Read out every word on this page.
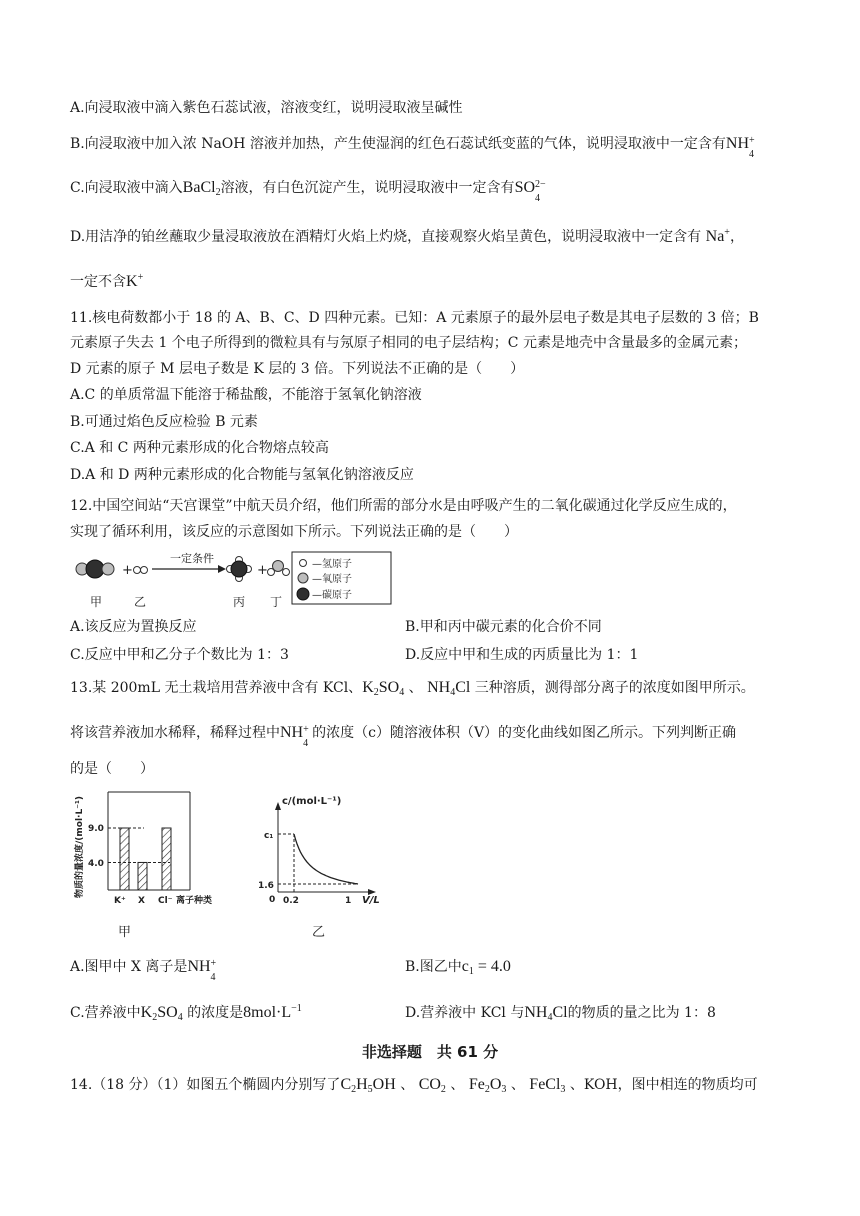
A.向浸取液中滴入紫色石蕊试液，溶液变红，说明浸取液呈碱性
B.向浸取液中加入浓 NaOH 溶液并加热，产生使湿润的红色石蕊试纸变蓝的气体，说明浸取液中一定含有NH +
4
C.向浸取液中滴入BaCl$_2$溶液，有白色沉淀产生，说明浸取液中一定含有SO 2−
4
D.用洁净的铂丝蘸取少量浸取液放在酒精灯火焰上灼烧，直接观察火焰呈黄色，说明浸取液中一定含有 Na+，
一定不含K+
11.核电荷数都小于 18 的 A、B、C、D 四种元素。已知：A 元素原子的最外层电子数是其电子层数的 3 倍；B
元素原子失去 1 个电子所得到的微粒具有与氖原子相同的电子层结构；C 元素是地壳中含量最多的金属元素；
D 元素的原子 M 层电子数是 K 层的 3 倍。下列说法不正确的是（　　）
A.C 的单质常温下能溶于稀盐酸，不能溶于氢氧化钠溶液
B.可通过焰色反应检验 B 元素
C.A 和 C 两种元素形成的化合物熔点较高
D.A 和 D 两种元素形成的化合物能与氢氧化钠溶液反应
12.中国空间站“天宫课堂”中航天员介绍，他们所需的部分水是由呼吸产生的二氧化碳通过化学反应生成的，
实现了循环利用，该反应的示意图如下所示。下列说法正确的是（　　）
+
一定条件
+	—氢原子
—氧原子
—碳原子
甲	乙	丙 丁
A.该反应为置换反应	B.甲和丙中碳元素的化合价不同
C.反应中甲和乙分子个数比为 1：3	D.反应中甲和生成的丙质量比为 1：1
13.某 200mL 无土栽培用营养液中含有 KCl、$K_2SO_4$ 、 $NH_4Cl$ 三种溶质，测得部分离子的浓度如图甲所示。
将该营养液加水稀释，稀释过程中NH +
4
的浓度（c）随溶液体积（V）的变化曲线如图乙所示。下列判断正确
的是（　　）
物质的量浓度/(mol·L⁻¹) 9.0
4.0
K⁺ X Cl⁻ 离子种类
甲
c/(mol·L⁻¹)
c₁
1.6
0 0.2	1 V/L
乙
A.图甲中 X 离子是NH +
4
B.图乙中$c_1 = 4.0$
C.营养液中$K_2SO_4$ 的浓度是$8mol\cdot L^{-1}$	D.营养液中 KCl 与$NH_4Cl$的物质的量之比为 1：8
非选择题　共 61 分
14.（18 分）（1）如图五个椭圆内分别写了$C_2H_5OH$ 、 $CO_2$ 、 $Fe_2O_3$ 、 FeCl$_3$ 、KOH，图中相连的物质均可
